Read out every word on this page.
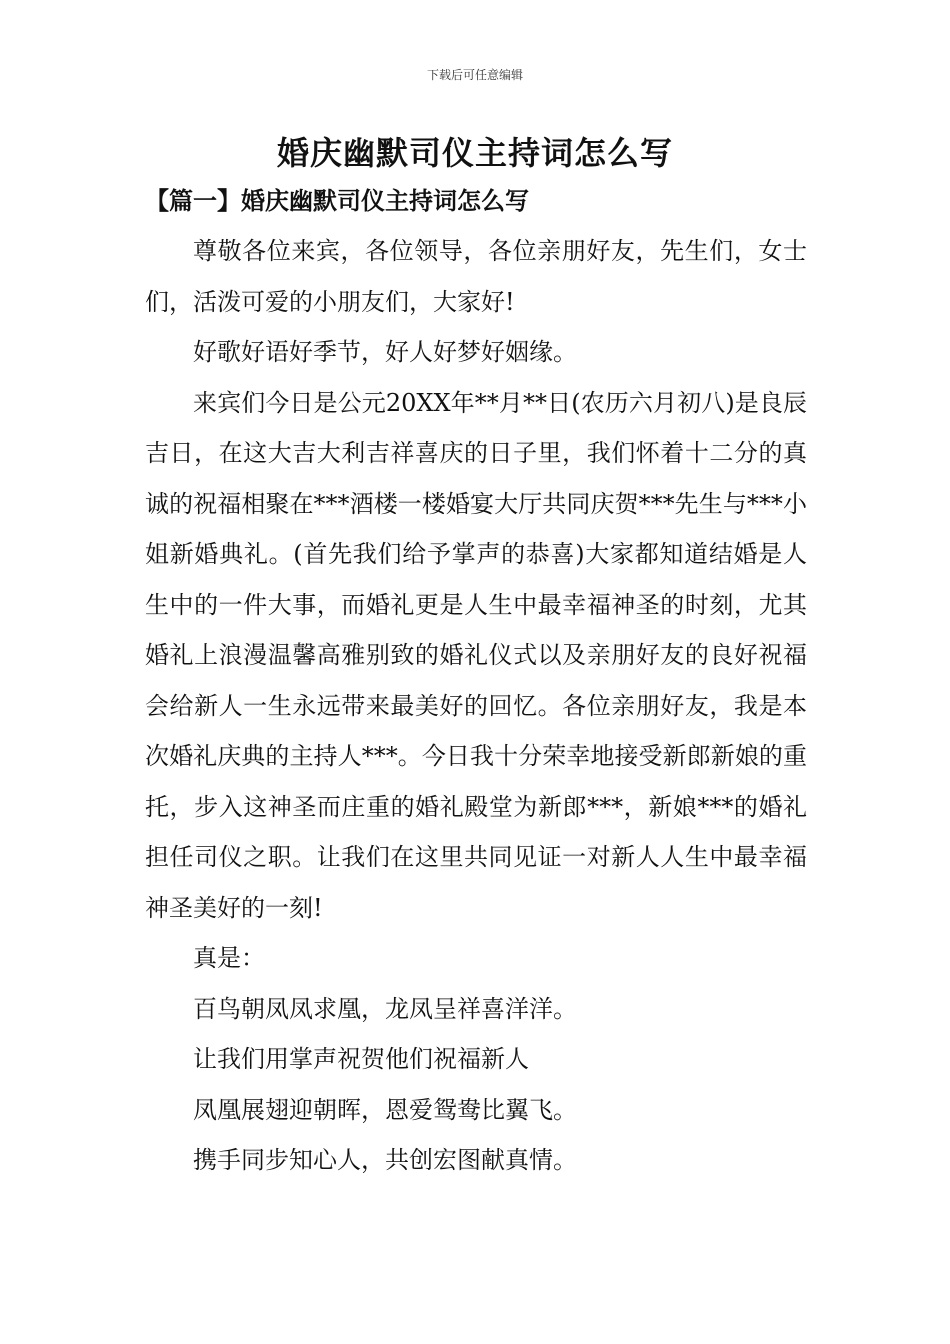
下载后可任意编辑
婚庆幽默司仪主持词怎么写
【篇一】婚庆幽默司仪主持词怎么写

尊敬各位来宾，各位领导，各位亲朋好友，先生们，女士们，活泼可爱的小朋友们，大家好!

好歌好语好季节，好人好梦好姻缘。

来宾们今日是公元20XX年**月**日(农历六月初八)是良辰吉日，在这大吉大利吉祥喜庆的日子里，我们怀着十二分的真诚的祝福相聚在***酒楼一楼婚宴大厅共同庆贺***先生与***小姐新婚典礼。(首先我们给予掌声的恭喜)大家都知道结婚是人生中的一件大事，而婚礼更是人生中最幸福神圣的时刻，尤其婚礼上浪漫温馨高雅别致的婚礼仪式以及亲朋好友的良好祝福会给新人一生永远带来最美好的回忆。各位亲朋好友，我是本次婚礼庆典的主持人***。今日我十分荣幸地接受新郎新娘的重托，步入这神圣而庄重的婚礼殿堂为新郎***，新娘***的婚礼担任司仪之职。让我们在这里共同见证一对新人人生中最幸福神圣美好的一刻!

真是：

百鸟朝凤凤求凰，龙凤呈祥喜洋洋。

让我们用掌声祝贺他们祝福新人

凤凰展翅迎朝晖，恩爱鸳鸯比翼飞。

携手同步知心人，共创宏图献真情。
